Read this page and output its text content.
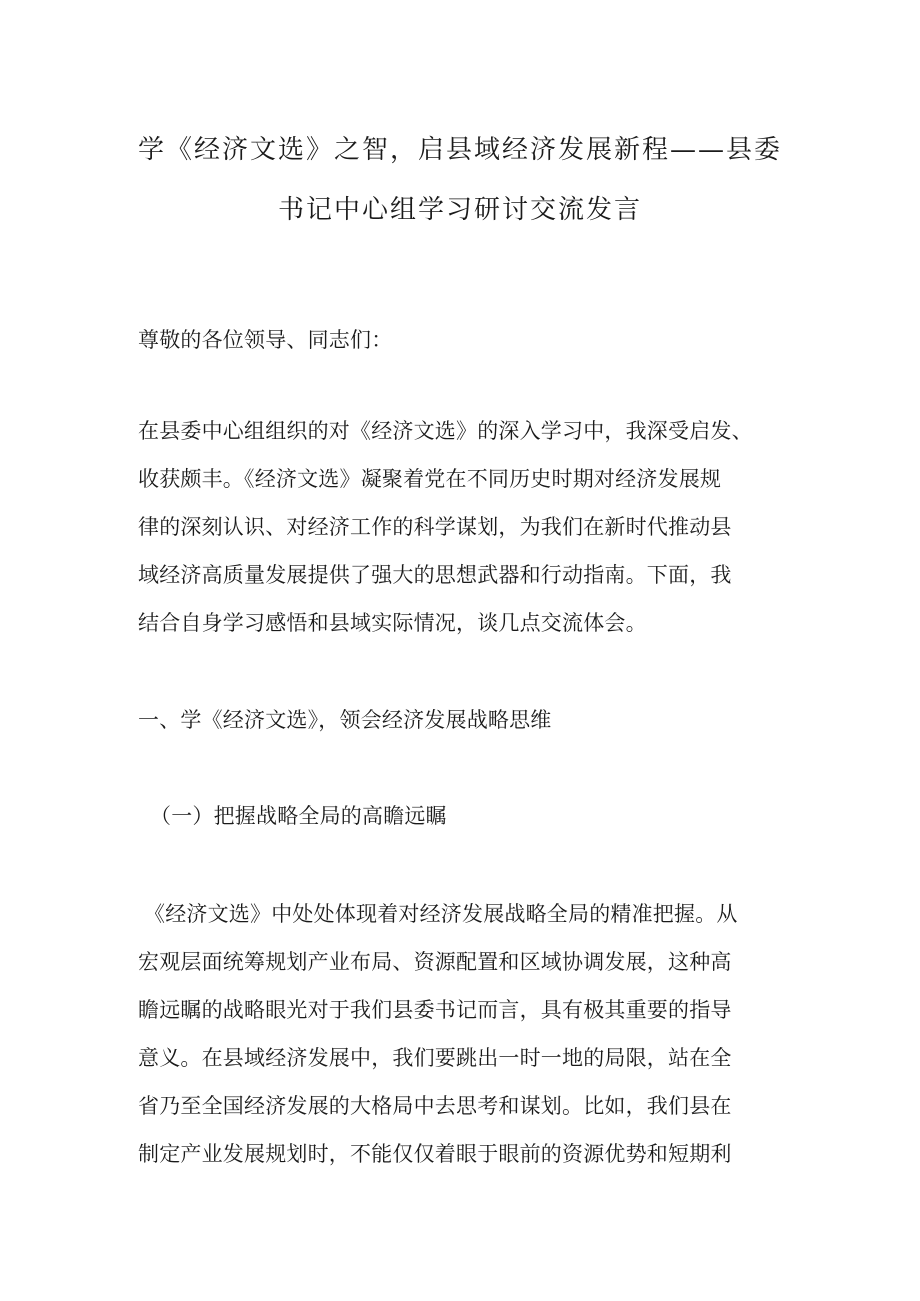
学《经济文选》之智，启县域经济发展新程——县委
书记中心组学习研讨交流发言
尊敬的各位领导、同志们：
在县委中心组组织的对《经济文选》的深入学习中，我深受启发、
收获颇丰。《经济文选》凝聚着党在不同历史时期对经济发展规
律的深刻认识、对经济工作的科学谋划，为我们在新时代推动县
域经济高质量发展提供了强大的思想武器和行动指南。下面，我
结合自身学习感悟和县域实际情况，谈几点交流体会。
一、学《经济文选》，领会经济发展战略思维
（一）把握战略全局的高瞻远瞩
《经济文选》中处处体现着对经济发展战略全局的精准把握。从
宏观层面统筹规划产业布局、资源配置和区域协调发展，这种高
瞻远瞩的战略眼光对于我们县委书记而言，具有极其重要的指导
意义。在县域经济发展中，我们要跳出一时一地的局限，站在全
省乃至全国经济发展的大格局中去思考和谋划。比如，我们县在
制定产业发展规划时，不能仅仅着眼于眼前的资源优势和短期利
